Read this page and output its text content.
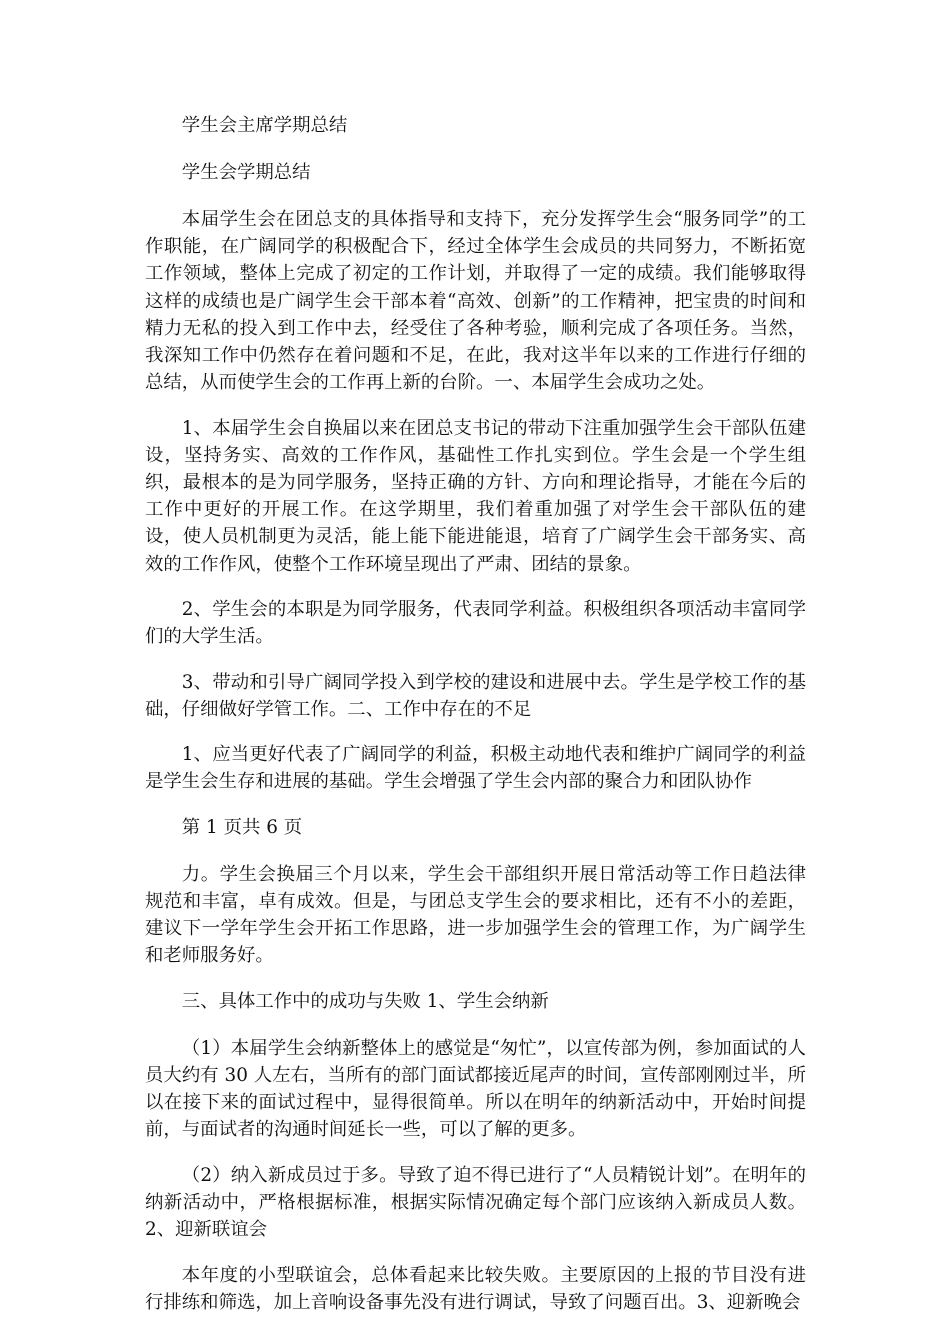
学生会主席学期总结

学生会学期总结

本届学生会在团总支的具体指导和支持下，充分发挥学生会“服务同学”的工作职能，在广阔同学的积极配合下，经过全体学生会成员的共同努力，不断拓宽工作领域，整体上完成了初定的工作计划，并取得了一定的成绩。我们能够取得这样的成绩也是广阔学生会干部本着“高效、创新”的工作精神，把宝贵的时间和精力无私的投入到工作中去，经受住了各种考验，顺利完成了各项任务。当然，我深知工作中仍然存在着问题和不足，在此，我对这半年以来的工作进行仔细的总结，从而使学生会的工作再上新的台阶。一、本届学生会成功之处。

1、本届学生会自换届以来在团总支书记的带动下注重加强学生会干部队伍建设，坚持务实、高效的工作作风，基础性工作扎实到位。学生会是一个学生组织，最根本的是为同学服务，坚持正确的方针、方向和理论指导，才能在今后的工作中更好的开展工作。在这学期里，我们着重加强了对学生会干部队伍的建设，使人员机制更为灵活，能上能下能进能退，培育了广阔学生会干部务实、高效的工作作风，使整个工作环境呈现出了严肃、团结的景象。

2、学生会的本职是为同学服务，代表同学利益。积极组织各项活动丰富同学们的大学生活。

3、带动和引导广阔同学投入到学校的建设和进展中去。学生是学校工作的基础，仔细做好学管工作。二、工作中存在的不足

1、应当更好代表了广阔同学的利益，积极主动地代表和维护广阔同学的利益是学生会生存和进展的基础。学生会增强了学生会内部的聚合力和团队协作

第 1 页共 6 页

力。学生会换届三个月以来，学生会干部组织开展日常活动等工作日趋法律规范和丰富，卓有成效。但是，与团总支学生会的要求相比，还有不小的差距，建议下一学年学生会开拓工作思路，进一步加强学生会的管理工作，为广阔学生和老师服务好。

三、具体工作中的成功与失败 1、学生会纳新

（1）本届学生会纳新整体上的感觉是“匆忙”，以宣传部为例，参加面试的人员大约有 30 人左右，当所有的部门面试都接近尾声的时间，宣传部刚刚过半，所以在接下来的面试过程中，显得很简单。所以在明年的纳新活动中，开始时间提前，与面试者的沟通时间延长一些，可以了解的更多。

（2）纳入新成员过于多。导致了迫不得已进行了“人员精锐计划”。在明年的纳新活动中，严格根据标准，根据实际情况确定每个部门应该纳入新成员人数。2、迎新联谊会

本年度的小型联谊会，总体看起来比较失败。主要原因的上报的节目没有进行排练和筛选，加上音响设备事先没有进行调试，导致了问题百出。3、迎新晚会
